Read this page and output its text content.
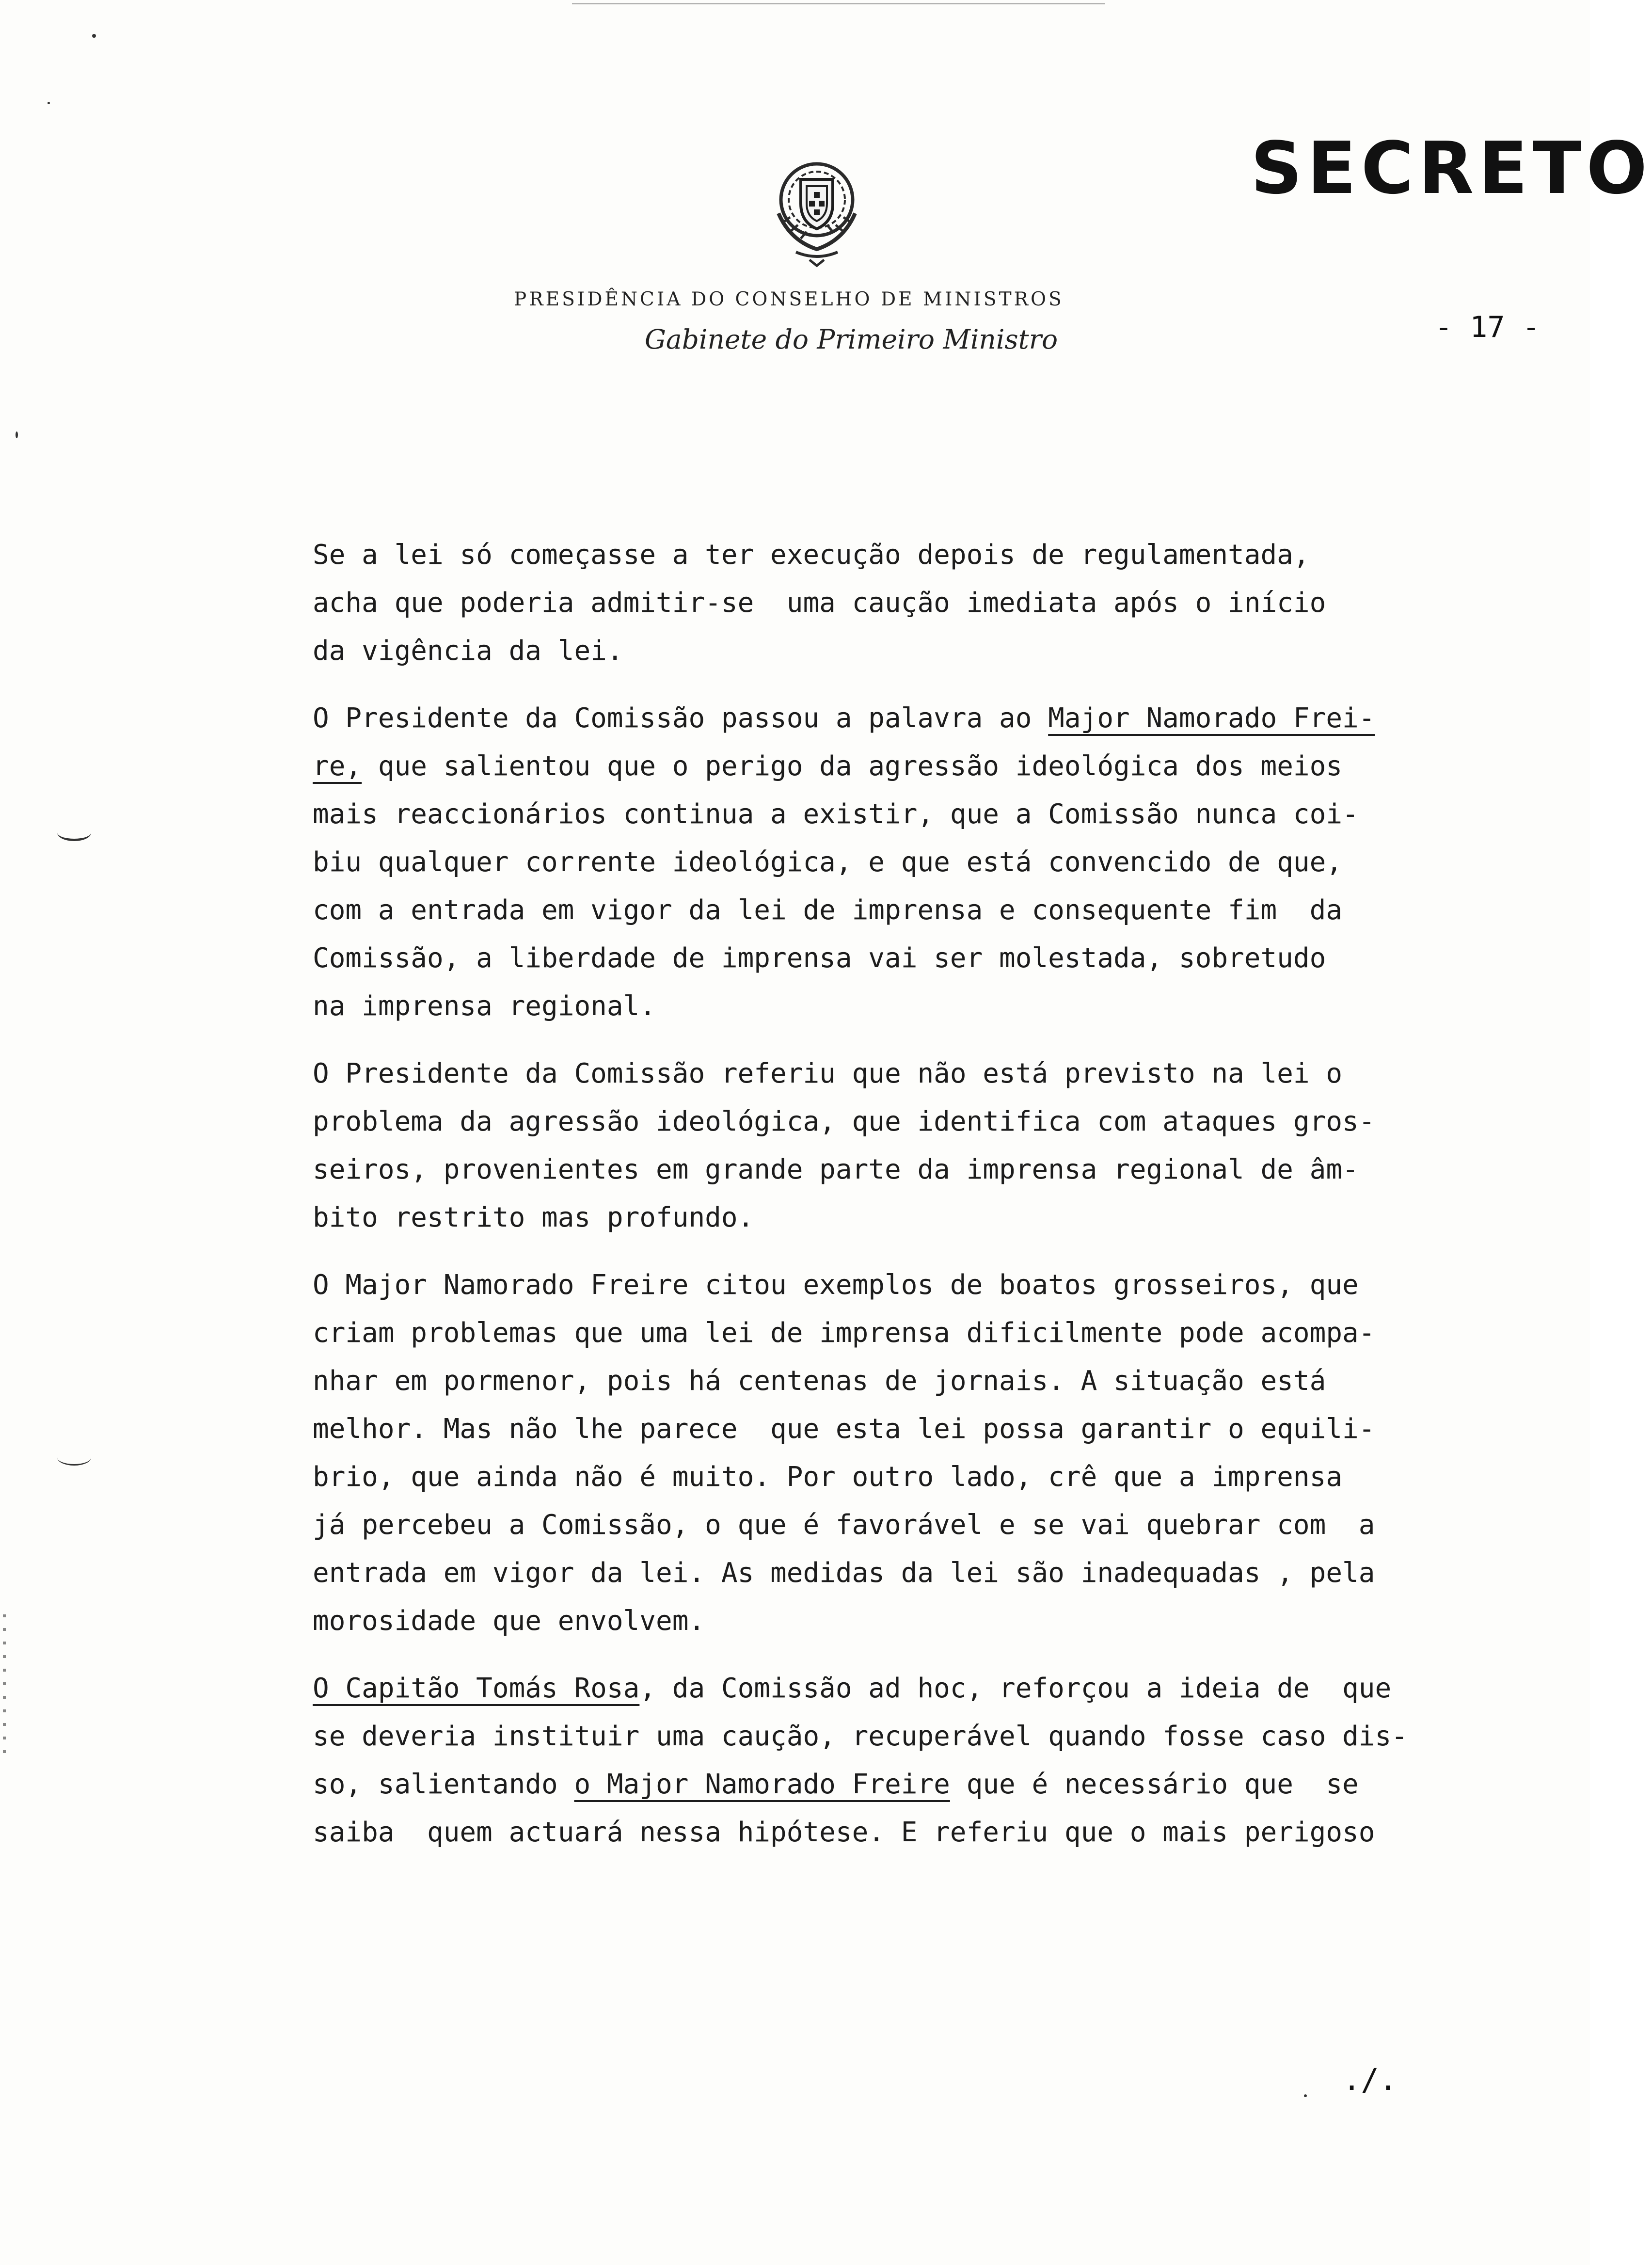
SECRETO
PRESIDÊNCIA DO CONSELHO DE MINISTROS
Gabinete do Primeiro Ministro	- 17 -

Se a lei só começasse a ter execução depois de regulamentada,
acha que poderia admitir-se  uma caução imediata após o início
da vigência da lei.

O Presidente da Comissão passou a palavra ao Major Namorado Frei-
re, que salientou que o perigo da agressão ideológica dos meios
mais reaccionários continua a existir, que a Comissão nunca coi-
biu qualquer corrente ideológica, e que está convencido de que,
com a entrada em vigor da lei de imprensa e consequente fim  da
Comissão, a liberdade de imprensa vai ser molestada, sobretudo
na imprensa regional.

O Presidente da Comissão referiu que não está previsto na lei o
problema da agressão ideológica, que identifica com ataques gros-
seiros, provenientes em grande parte da imprensa regional de âm-
bito restrito mas profundo.

O Major Namorado Freire citou exemplos de boatos grosseiros, que
criam problemas que uma lei de imprensa dificilmente pode acompa-
nhar em pormenor, pois há centenas de jornais. A situação está
melhor. Mas não lhe parece  que esta lei possa garantir o equili-
brio, que ainda não é muito. Por outro lado, crê que a imprensa
já percebeu a Comissão, o que é favorável e se vai quebrar com  a
entrada em vigor da lei. As medidas da lei são inadequadas , pela
morosidade que envolvem.

O Capitão Tomás Rosa, da Comissão ad hoc, reforçou a ideia de  que
se deveria instituir uma caução, recuperável quando fosse caso dis-
so, salientando o Major Namorado Freire que é necessário que  se
saiba  quem actuará nessa hipótese. E referiu que o mais perigoso

./.
